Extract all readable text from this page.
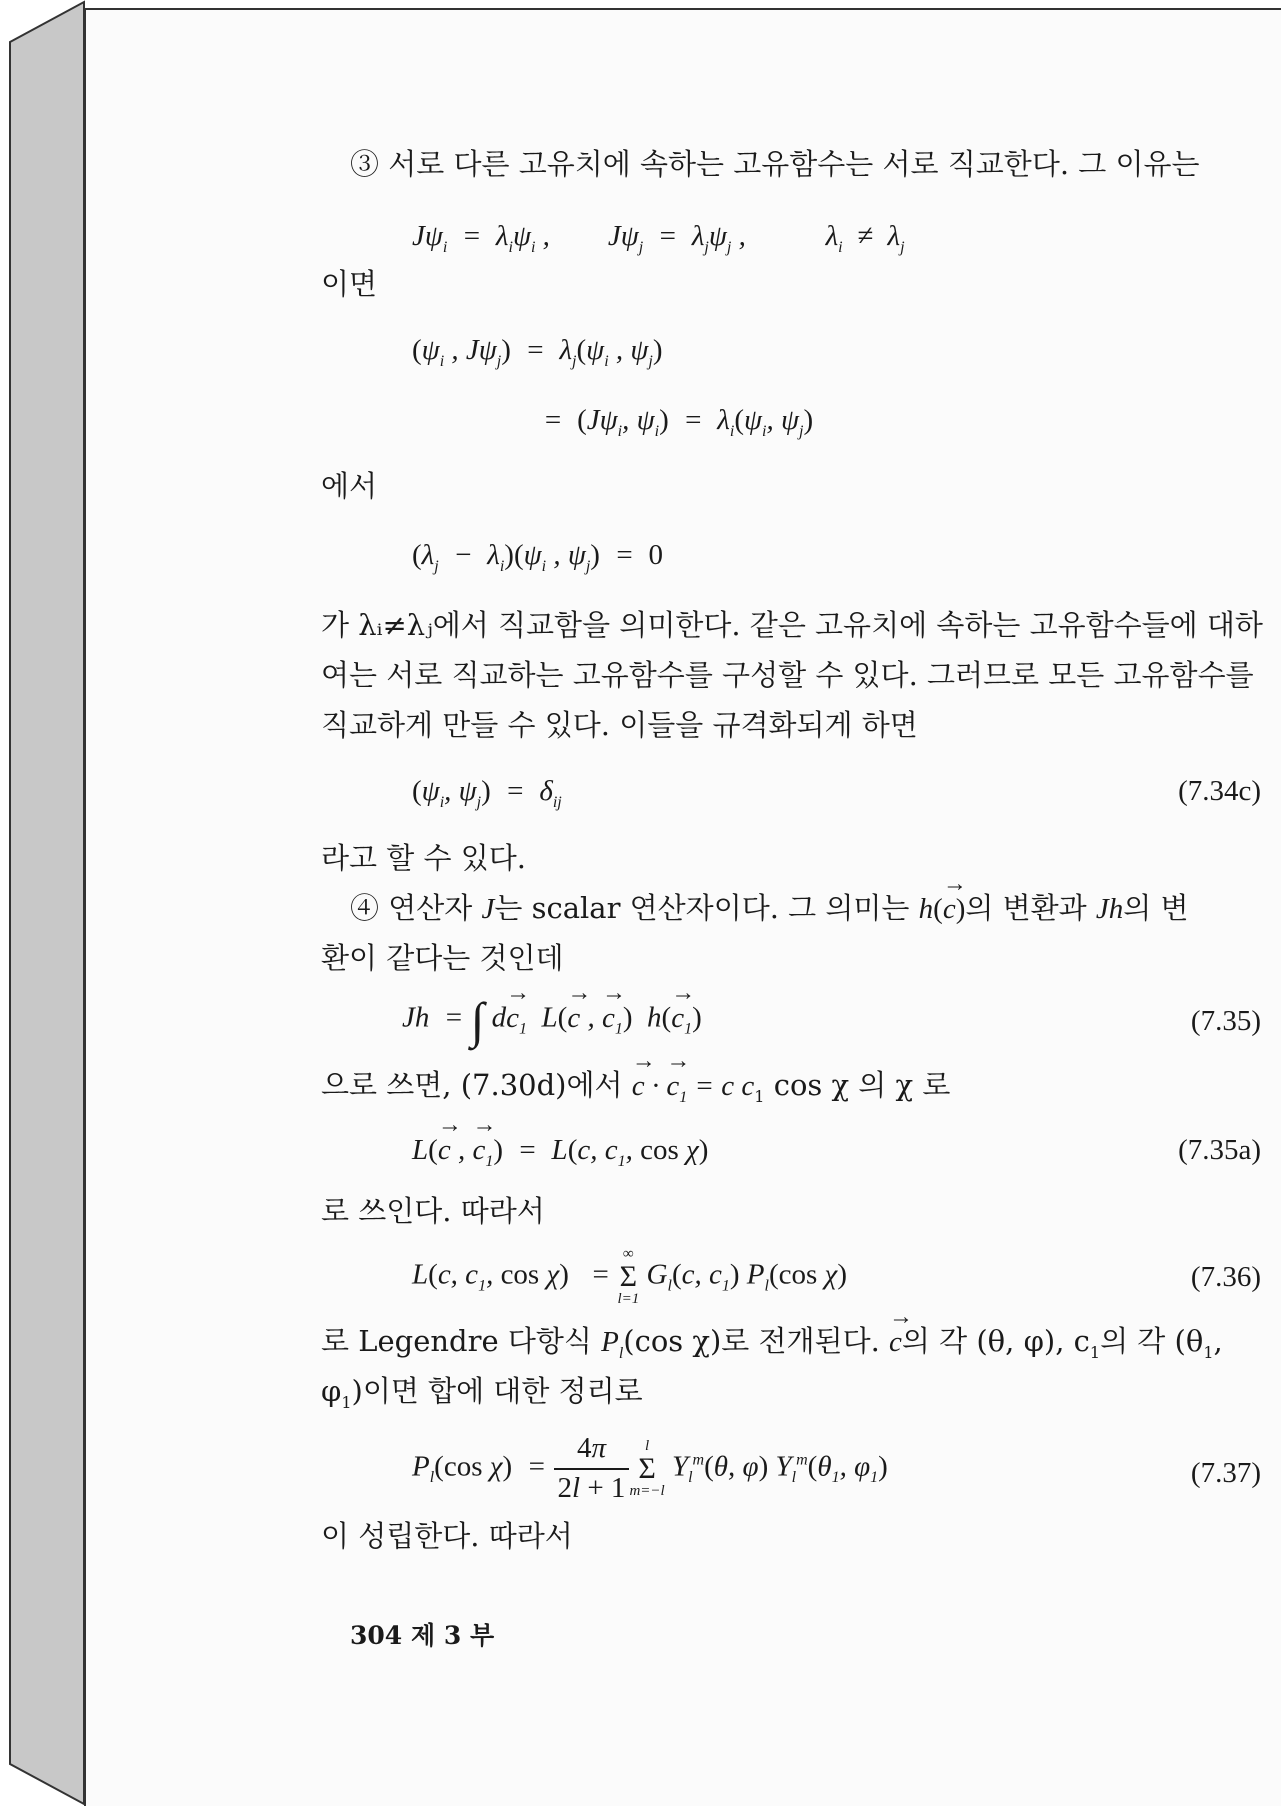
③ 서로 다른 고유치에 속하는 고유함수는 서로 직교한다. 그 이유는
$J\psi_i = \lambda_i\psi_i$ ,        $J\psi_j = \lambda_j\psi_j$ ,           $\lambda_i \ne \lambda_j$
이면
($\psi_i$ , $J\psi_j) = \lambda_j(\psi_i$ , $\psi_j$)
=  ($J\psi_i$, $\psi_i) = \lambda_i(\psi_i$, $\psi_j$)
에서
$(\lambda_j - \lambda_i)(\psi_i$ , $\psi_j) = 0$
가 λᵢ≠λⱼ에서 직교함을 의미한다. 같은 고유치에 속하는 고유함수들에 대하
여는 서로 직교하는 고유함수를 구성할 수 있다. 그러므로 모든 고유함수를
직교하게 만들 수 있다. 이들을 규격화되게 하면
($\psi_i$, $\psi_j) = \delta_{ij}$	(7.34c)
라고 할 수 있다.
④ 연산자 J는 scalar 연산자이다. 그 의미는 h(→ c)의 변환과 Jh의 변
환이 같다는 것인데
Jh  = ∫ $d\to c_1$  L(→ c , → $c_1$)  $h(\to c_1)$	(7.35)
으로 쓰면, (7.30d)에서 → c · → $c_1 = c$ $c_1$ cos χ 의 χ 로
L(→ c , → $c_1) = L(c$, $c_1$, cos χ)	(7.35a)
로 쓰인다. 따라서
L(c, $c_1$, cos χ)   =
∞
Σ
l=1
$G_l(c$, $c_1$) $P_l(\cos$ χ)	(7.36)
로 Legendre 다항식 $P_l(\cos$ χ)로 전개된다. → c의 각 (θ, φ), $c_1$의 각 ($\theta_1$,
$\varphi_1$)이면 합에 대한 정리로
$P_l(\cos$ $\chi) = \frac{4\pi}{2l + 1}$	l
Σ
m=−l
$Y_l^m(\theta$, φ) $Y_l^m(\theta_1$, $\varphi_1$)	(7.37)
이 성립한다. 따라서
304 제 3 부
